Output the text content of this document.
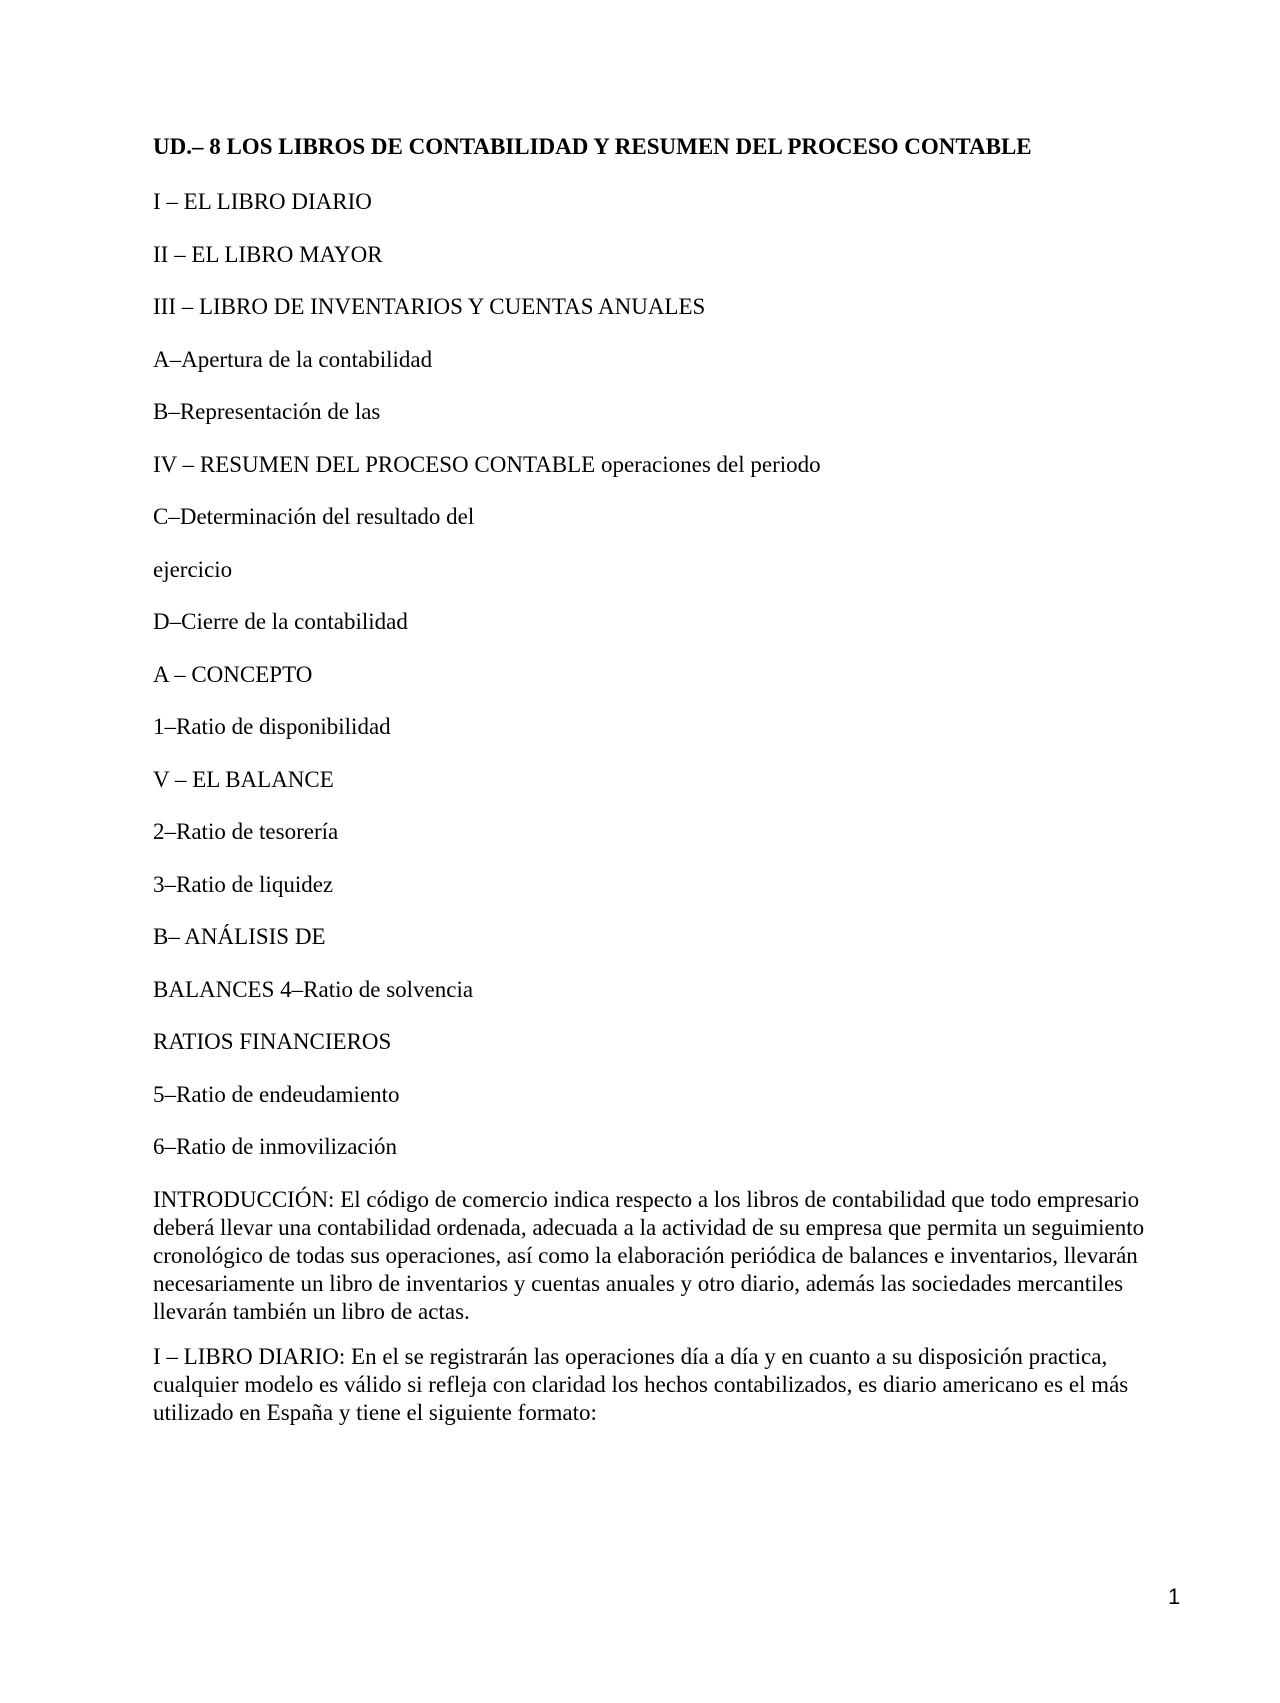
UD.– 8 LOS LIBROS DE CONTABILIDAD Y RESUMEN DEL PROCESO CONTABLE
I – EL LIBRO DIARIO
II – EL LIBRO MAYOR
III – LIBRO DE INVENTARIOS Y CUENTAS ANUALES
A–Apertura de la contabilidad
B–Representación de las
IV – RESUMEN DEL PROCESO CONTABLE operaciones del periodo
C–Determinación del resultado del
ejercicio
D–Cierre de la contabilidad
A – CONCEPTO
1–Ratio de disponibilidad
V – EL BALANCE
2–Ratio de tesorería
3–Ratio de liquidez
B– ANÁLISIS DE
BALANCES 4–Ratio de solvencia
RATIOS FINANCIEROS
5–Ratio de endeudamiento
6–Ratio de inmovilización
INTRODUCCIÓN: El código de comercio indica respecto a los libros de contabilidad que todo empresario deberá llevar una contabilidad ordenada, adecuada a la actividad de su empresa que permita un seguimiento cronológico de todas sus operaciones, así como la elaboración periódica de balances e inventarios, llevarán necesariamente un libro de inventarios y cuentas anuales y otro diario, además las sociedades mercantiles llevarán también un libro de actas.
I – LIBRO DIARIO: En el se registrarán las operaciones día a día y en cuanto a su disposición practica, cualquier modelo es válido si refleja con claridad los hechos contabilizados, es diario americano es el más utilizado en España y tiene el siguiente formato:
1
